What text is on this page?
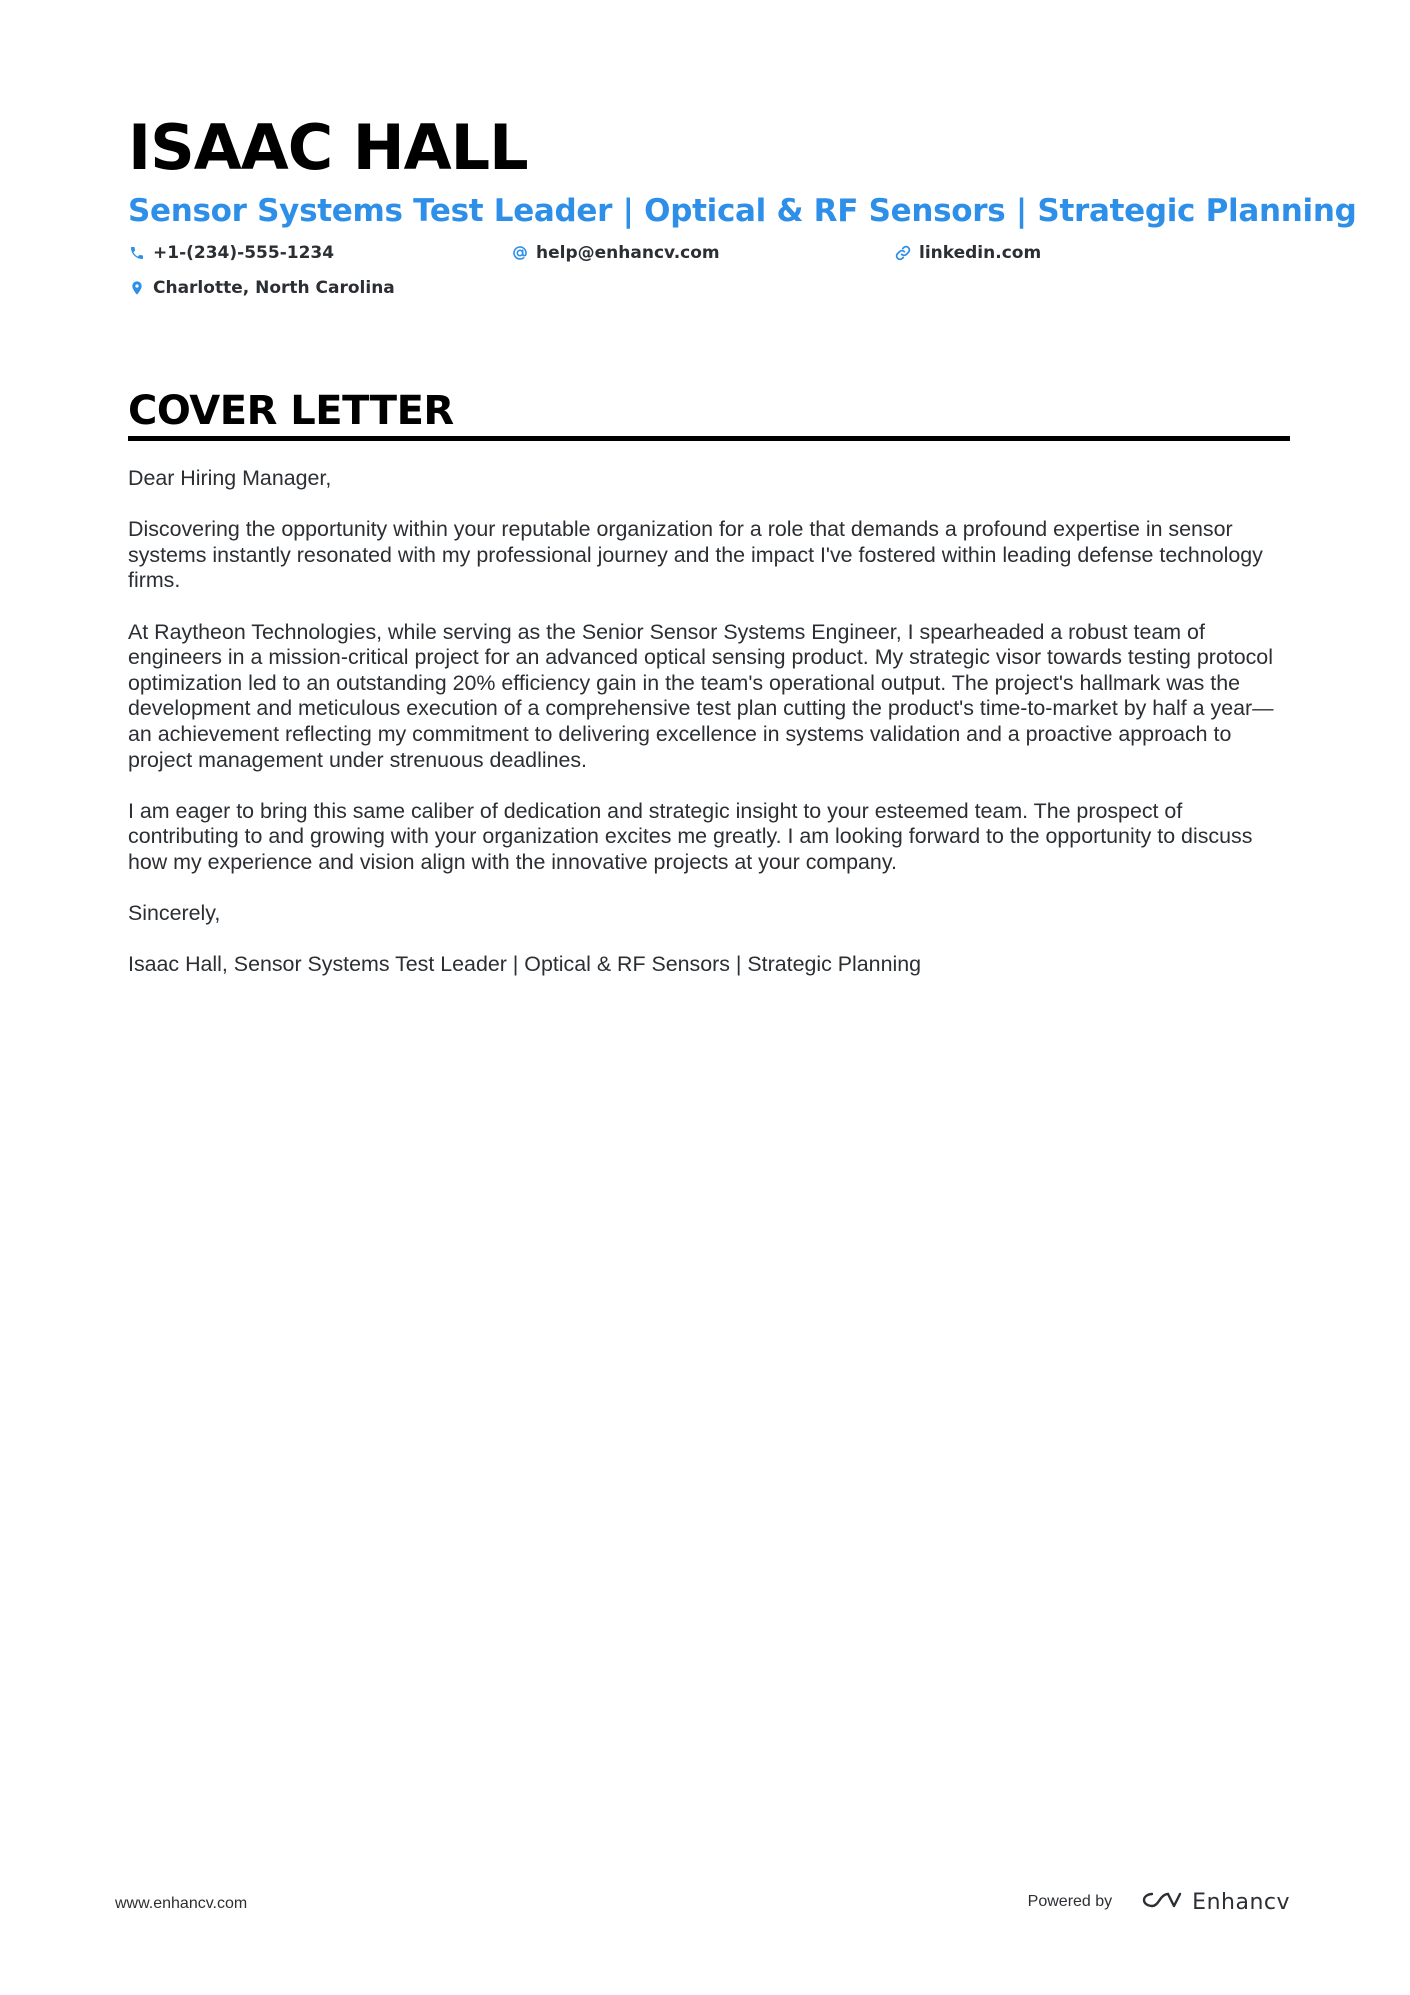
ISAAC HALL
Sensor Systems Test Leader | Optical & RF Sensors | Strategic Planning
+1-(234)-555-1234	help@enhancv.com	linkedin.com
Charlotte, North Carolina
COVER LETTER

Dear Hiring Manager,

Discovering the opportunity within your reputable organization for a role that demands a profound expertise in sensor systems instantly resonated with my professional journey and the impact I've fostered within leading defense technology firms.

At Raytheon Technologies, while serving as the Senior Sensor Systems Engineer, I spearheaded a robust team of engineers in a mission-critical project for an advanced optical sensing product. My strategic visor towards testing protocol optimization led to an outstanding 20% efficiency gain in the team's operational output. The project's hallmark was the development and meticulous execution of a comprehensive test plan cutting the product's time-to-market by half a year—an achievement reflecting my commitment to delivering excellence in systems validation and a proactive approach to project management under strenuous deadlines.

I am eager to bring this same caliber of dedication and strategic insight to your esteemed team. The prospect of contributing to and growing with your organization excites me greatly. I am looking forward to the opportunity to discuss how my experience and vision align with the innovative projects at your company.

Sincerely,

Isaac Hall, Sensor Systems Test Leader | Optical & RF Sensors | Strategic Planning

www.enhancv.com	Powered by	Enhancv
